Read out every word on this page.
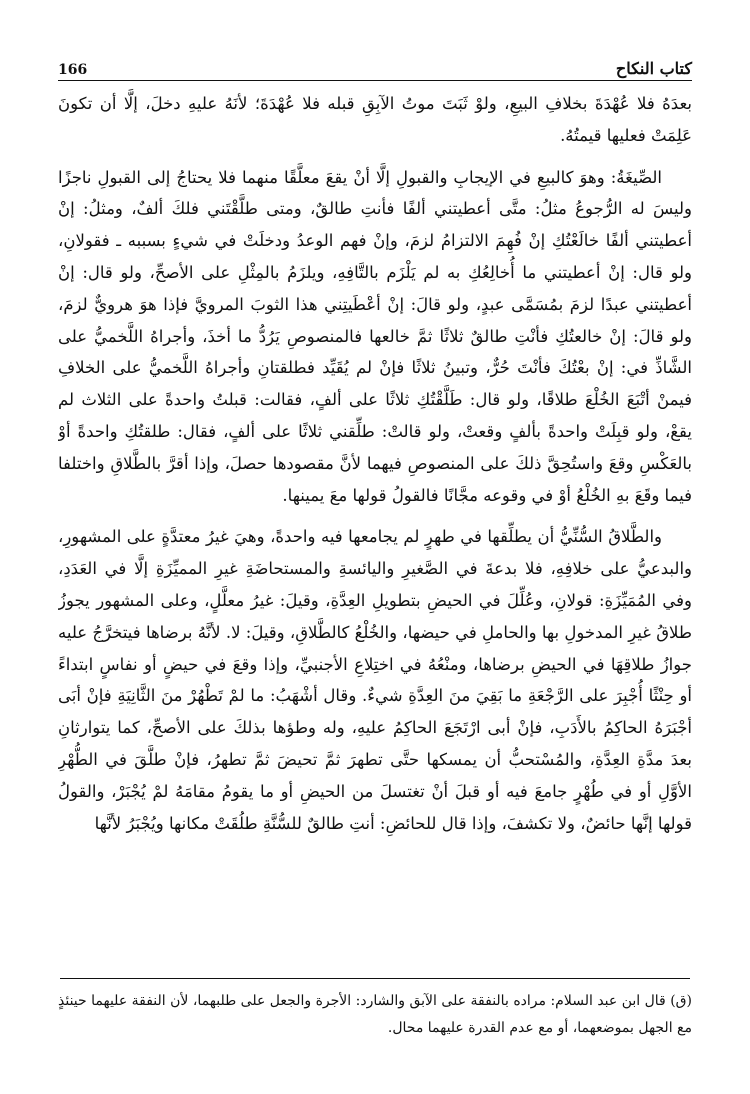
166	كتاب النكاح

بعدَهُ فلا عُهْدَةَ بخلافِ البيعِ، ولوْ ثَبَتَ موتُ الآبِقِ قبله فلا عُهْدَةَ؛ لأنَهُ عليهِ دخلَ، إلَّا أن تكونَ عَلِمَتْ فعليها قيمتُهُ.

الصِّيغَةُ: وهوَ كالبيعِ في الإيجابِ والقبولِ إلَّا أنْ يقعَ معلَّقًا منهما فلا يحتاجُ إلى القبولِ ناجزًا وليسَ له الرُّجوعُ مثلُ: متَّى أعطيتني ألفًا فأنتِ طالقٌ، ومتى طلَّقْتَني فلكَ ألفٌ، ومثلُ: إنْ أعطيتني ألفًا خالَعْتُكِ إنْ فُهِمَ الالتزامُ لزمَ، وإنْ فهم الوعدُ ودخلَتْ في شيءٍ بسببه ـ فقولانِ، ولو قال: إنْ أعطيتني ما أُخالِعُكِ به لم يَلْزَم بالتَّافِهِ، ويلزَمُ بالمِثْلِ على الأصحِّ، ولو قال: إنْ أعطيتني عبدًا لزمَ بمُسَمَّى عبدٍ، ولو قالَ: إنْ أعْطَيتِني هذا الثوبَ المرويَّ فإذا هوَ هرويٌّ لزمَ، ولو قالَ: إنْ خالعتُكِ فأنْتِ طالقٌ ثلاثًا ثمَّ خالعها فالمنصوصِ يَرُدُّ ما أخذَ، وأجراهُ اللَّخميُّ على الشَّاذِّ في: إنْ بعْتُكَ فأنْتَ حُرٌّ، وتبينُ ثلاثًا فإنْ لم يُقَيِّد فطلقتانِ وأجراهُ اللَّخميُّ على الخلافِ فيمنْ أتْبَعَ الخُلْعَ طلاقًا، ولو قال: طَلَّقْتُكِ ثلاثًا على ألفٍ، فقالت: قبلتُ واحدةً على الثلاث لم يقعْ، ولو قبِلَتْ واحدةً بألفٍ وقعتْ، ولو قالتْ: طلِّقني ثلاثًا على ألفٍ، فقال: طلقتُكِ واحدةً أوْ بالعَكْسِ وقعَ واستُحِقَّ ذلكَ على المنصوصِ فيهما لأنَّ مقصودها حصلَ، وإذا أقرَّ بالطَّلاقِ واختلفا فيما وقَعَ بهِ الخُلْعُ أوْ في وقوعه مجَّانًا فالقولُ قولها معَ يمينها.

والطَّلاقُ السُّنِّيُّ أن يطلِّقها في طهرٍ لم يجامعها فيه واحدةً، وهيَ غيرُ معتدَّةٍ على المشهورِ، والبدعيُّ على خلافِهِ، فلا بدعةَ في الصَّغيرِ واليائسةِ والمستحاضَةِ غيرِ المميِّزَةِ إلَّا في العَدَدِ، وفي المُمَيِّزَةِ: قولانِ، وعُلِّلَ في الحيضِ بتطويلِ العِدَّةِ، وقيلَ: غيرُ معلَّلٍ، وعلى المشهور يجوزُ طلاقُ غيرِ المدخولِ بها والحاملِ في حيضها، والخُلْعُ كالطَّلاقِ، وقيلَ: لا. لأنَّهُ برضاها فيتخرَّجُ عليه جوازُ طلاقِهَا في الحيضِ برضاها، ومنْعُهُ في اختِلاعِ الأجنبيِّ، وإذا وقعَ في حيضٍ أو نفاسٍ ابتداءً أو حِنْثًا أُجْبِرَ على الرَّجْعَةِ ما بَقِيَ منَ العِدَّةِ شيءٌ. وقال أشْهَبُ: ما لمْ تَطْهُرْ منَ الثَّانِيَةِ فإنْ أبَى أجْبَرَهُ الحاكِمُ بالأَدَبِ، فإنْ أبى ارْتَجَعَ الحاكِمُ عليهِ، وله وطؤها بذلكَ على الأصحِّ، كما يتوارثانِ بعدَ مدَّةِ العِدَّةِ، والمُسْتحبُّ أن يمسكها حتَّى تطهرَ ثمَّ تحيضَ ثمَّ تطهرُ، فإنْ طلَّقَ في الطُّهْرِ الأوَّلِ أو في طُهْرٍ جامعَ فيه أو قبلَ أنْ تغتسلَ من الحيضِ أو ما يقومُ مقامَهُ لمْ يُجْبَرْ، والقولُ قولها إنَّها حائضٌ، ولا تكشفَ، وإذا قال للحائضِ: أنتِ طالقٌ للسُّنَّةِ طلُقَتْ مكانها ويُجْبَرُ لأنَّها

(ق) قال ابن عبد السلام: مراده بالنفقة على الآبق والشارد: الأجرة والجعل على طلبهما، لأن النفقة عليهما حينئذٍ مع الجهل بموضعهما، أو مع عدم القدرة عليهما محال.
